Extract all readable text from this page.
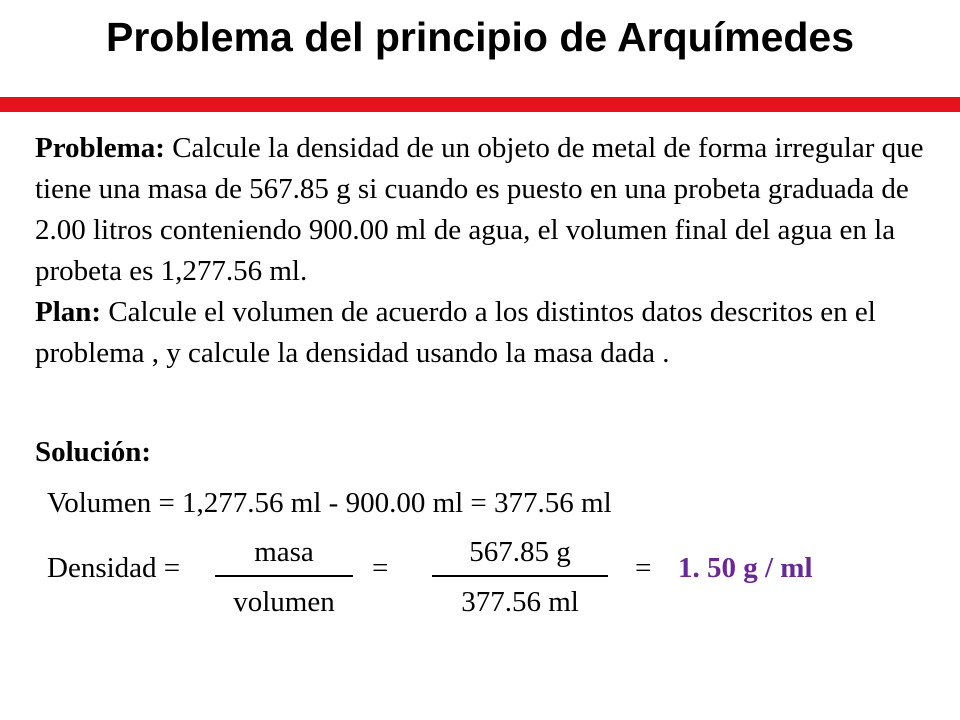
Problema del principio de Arquímedes

Problema: Calcule la densidad de un objeto de metal de forma irregular que tiene una masa de 567.85 g si cuando es puesto en una probeta graduada de 2.00 litros conteniendo 900.00 ml de agua, el volumen final del agua en la probeta es 1,277.56 ml.

Plan: Calcule el volumen de acuerdo a los distintos datos descritos en el problema , y calcule la densidad usando la masa dada .

Solución:
Volumen = 1,277.56 ml - 900.00 ml = 377.56 ml
Densidad =	masa
volumen
=	567.85 g
377.56 ml
= 1. 50 g / ml
